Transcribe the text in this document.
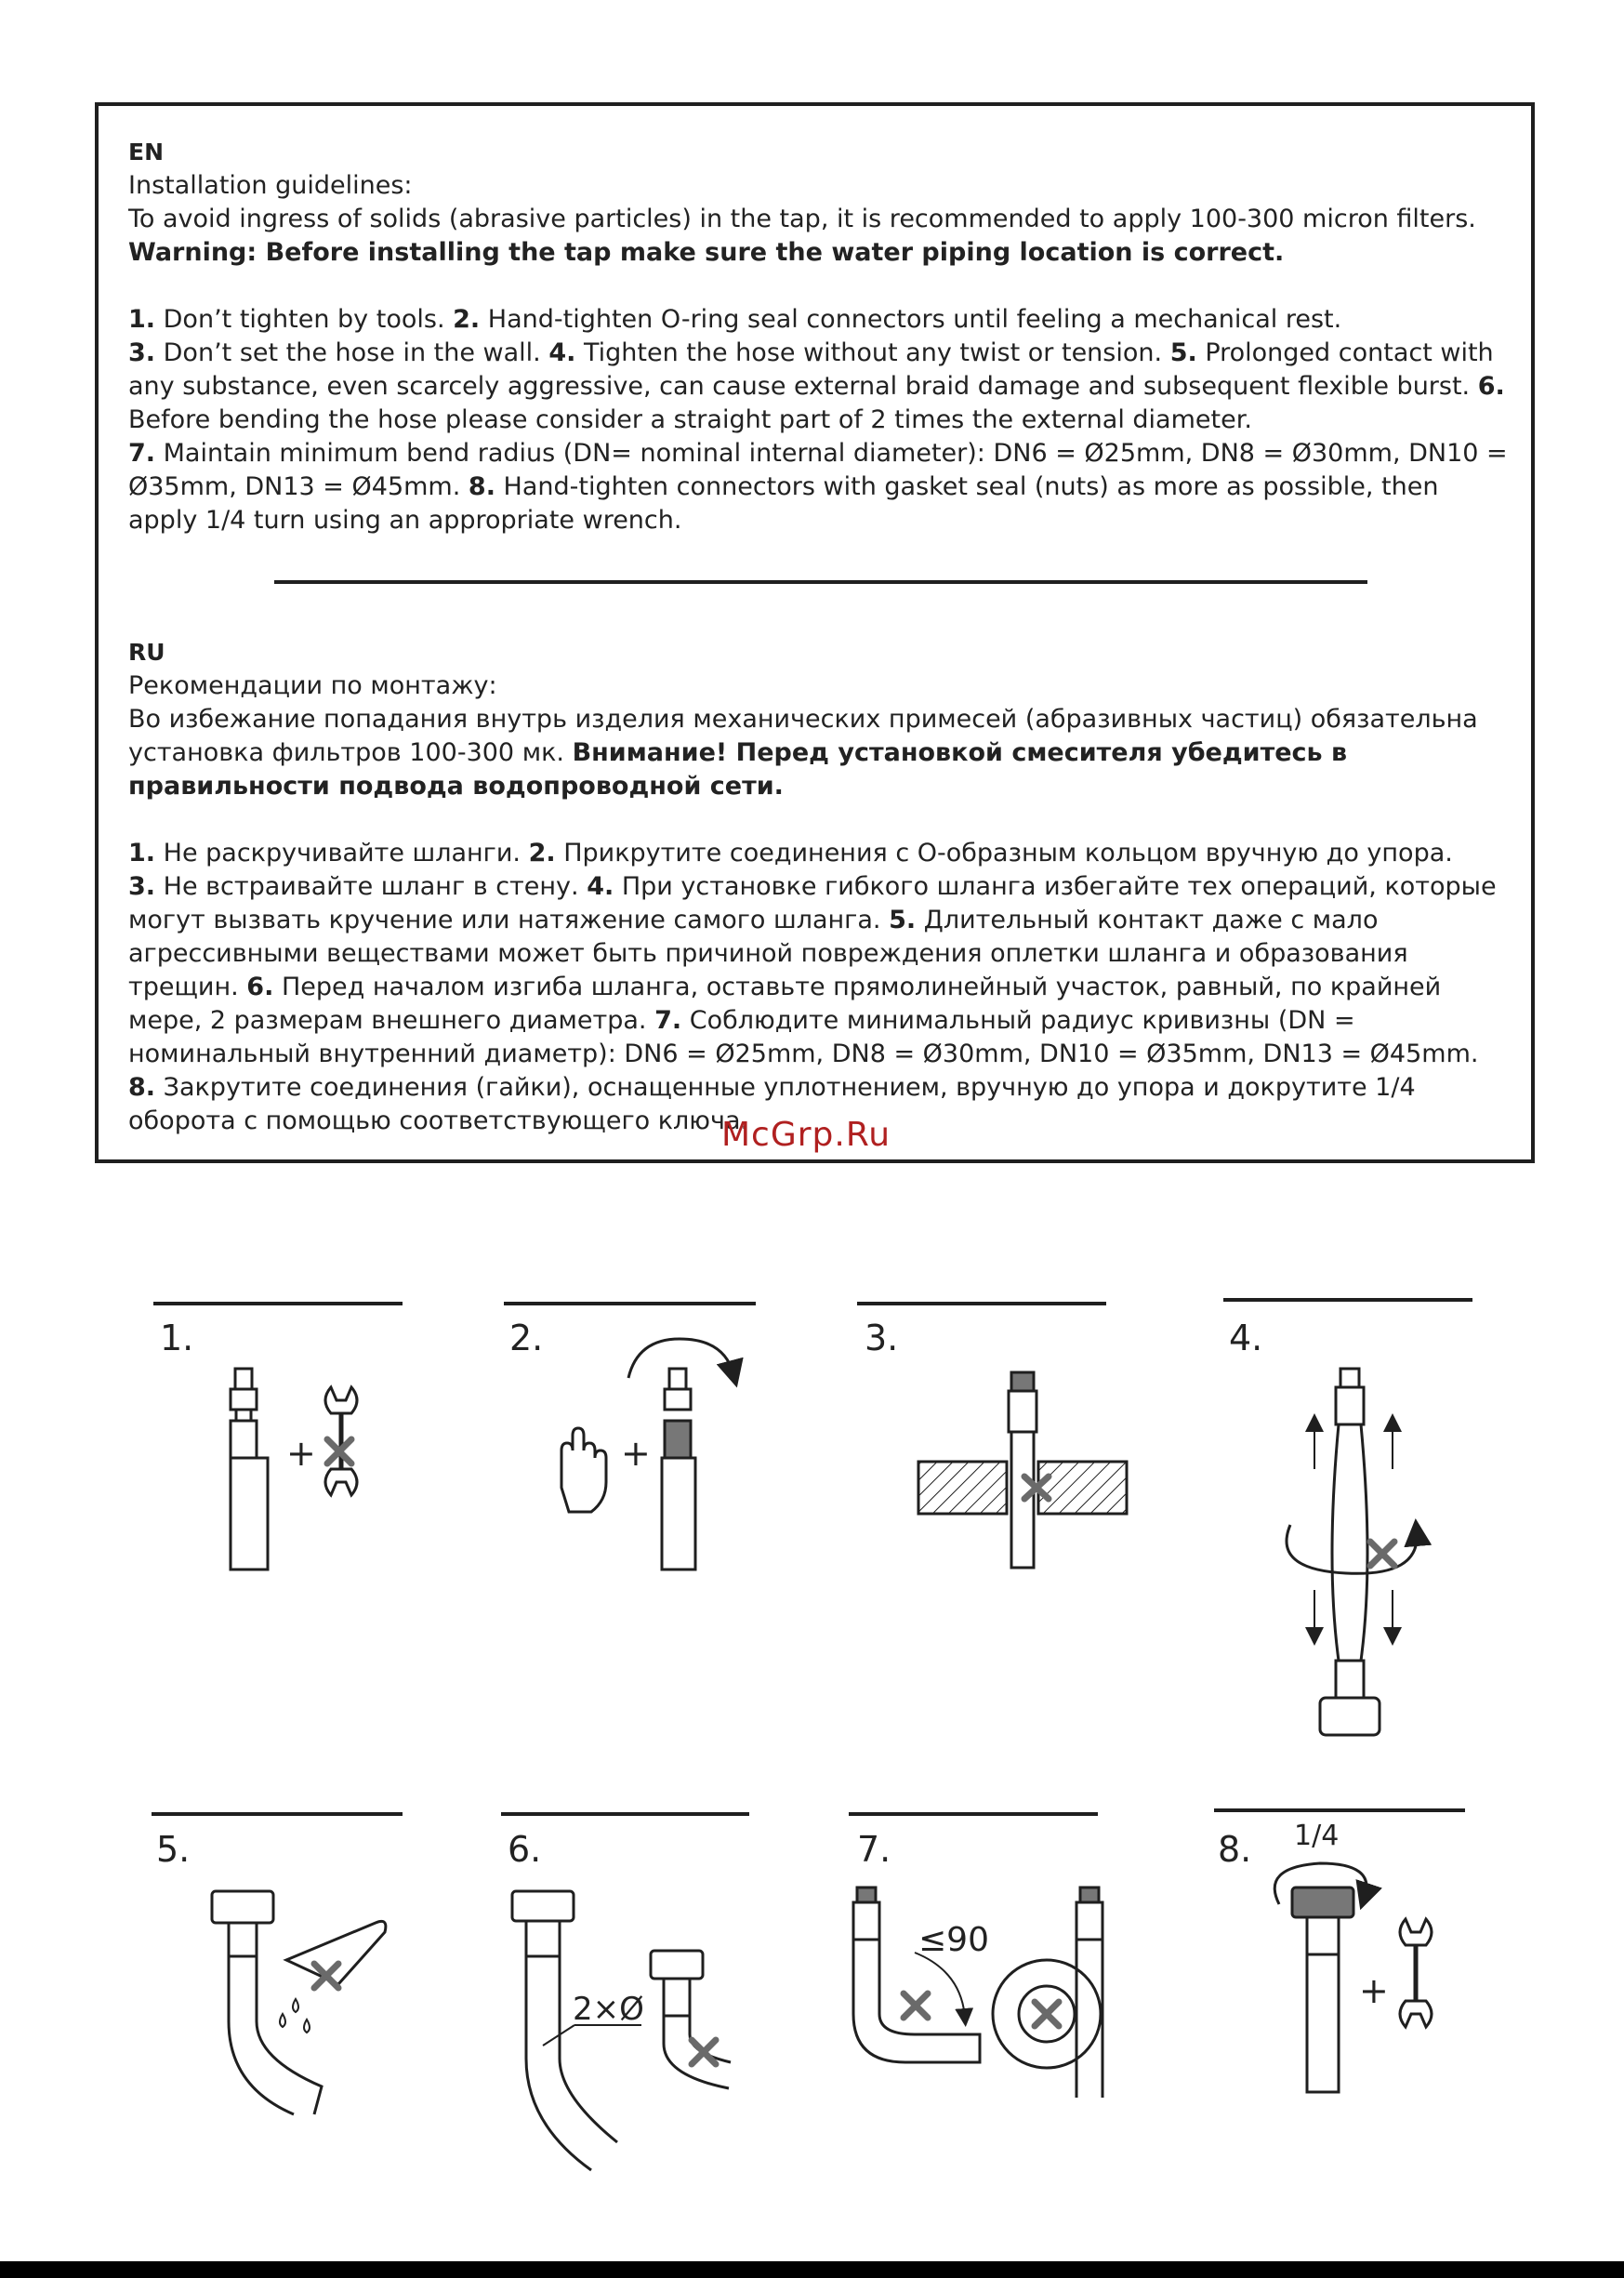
EN
Installation guidelines:
To avoid ingress of solids (abrasive particles) in the tap, it is recommended to apply 100-300 micron filters. Warning: Before installing the tap make sure the water piping location is correct.
1. Don’t tighten by tools. 2. Hand-tighten O-ring seal connectors until feeling a mechanical rest.
3. Don’t set the hose in the wall. 4. Tighten the hose without any twist or tension. 5. Prolonged contact with any substance, even scarcely aggressive, can cause external braid damage and subsequent flexible burst. 6. Before bending the hose please consider a straight part of 2 times the external diameter.
7. Maintain minimum bend radius (DN= nominal internal diameter): DN6 = Ø25mm, DN8 = Ø30mm, DN10 = Ø35mm, DN13 = Ø45mm. 8. Hand-tighten connectors with gasket seal (nuts) as more as possible, then apply 1/4 turn using an appropriate wrench.
RU
Рекомендации по монтажу:
Во избежание попадания внутрь изделия механических примесей (абразивных частиц) обязательна установка фильтров 100-300 мк. Внимание! Перед установкой смесителя убедитесь в правильности подвода водопроводной сети.
1. Не раскручивайте шланги. 2. Прикрутите соединения с О-образным кольцом вручную до упора.
3. Не встраивайте шланг в стену. 4. При установке гибкого шланга избегайте тех операций, которые могут вызвать кручение или натяжение самого шланга. 5. Длительный контакт даже с мало агрессивными веществами может быть причиной повреждения оплетки шланга и образования трещин. 6. Перед началом изгиба шланга, оставьте прямолинейный участок, равный, по крайней мере, 2 размерам внешнего диаметра. 7. Соблюдите минимальный радиус кривизны (DN = номинальный внутренний диаметр): DN6 = Ø25mm, DN8 = Ø30mm, DN10 = Ø35mm, DN13 = Ø45mm. 8. Закрутите соединения (гайки), оснащенные уплотнением, вручную до упора и докрутите 1/4 оборота с помощью соответствующего ключа.
McGrp.Ru
1.
+
2.
+
3.	4.
5.	6.
2×Ø
7.
≤90
8. 1/4
+
